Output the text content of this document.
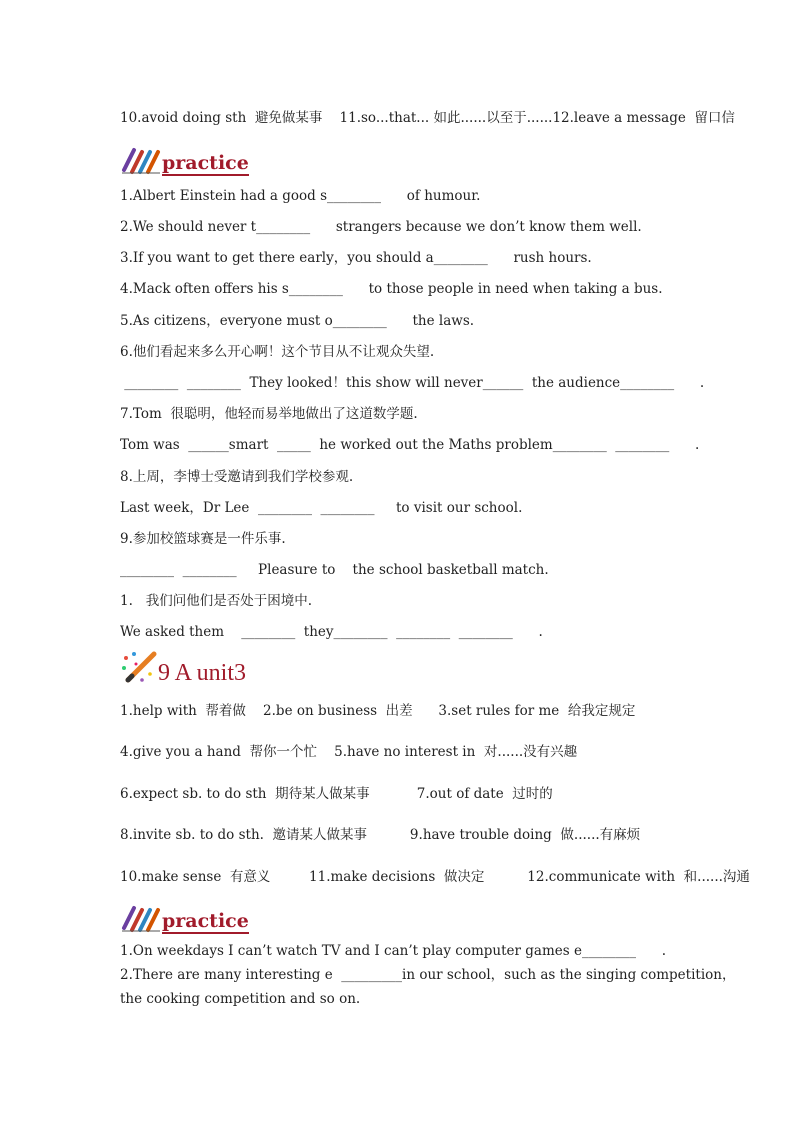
10.avoid doing sth  避免做某事    11.so...that... 如此......以至于......12.leave a message  留口信
practice
1.Albert Einstein had a good s________      of humour.
2.We should never t________      strangers because we don’t know them well.
3.If you want to get there early，you should a________      rush hours.
4.Mack often offers his s________      to those people in need when taking a bus.
5.As citizens，everyone must o________      the laws.
6.他们看起来多么开心啊！这个节目从不让观众失望.
________  ________  They looked！this show will never______  the audience________      .
7.Tom  很聪明，他轻而易举地做出了这道数学题.
Tom was  ______smart  _____  he worked out the Maths problem________  ________      .
8.上周，李博士受邀请到我们学校参观.
Last week，Dr Lee  ________  ________     to visit our school.
9.参加校篮球赛是一件乐事.
________  ________     Pleasure to    the school basketball match.
1.   我们问他们是否处于困境中.
We asked them    ________  they________  ________  ________      .
9 A unit3
1.help with  帮着做    2.be on business  出差      3.set rules for me  给我定规定
4.give you a hand  帮你一个忙    5.have no interest in  对......没有兴趣
6.expect sb. to do sth  期待某人做某事           7.out of date  过时的
8.invite sb. to do sth.  邀请某人做某事          9.have trouble doing  做......有麻烦
10.make sense  有意义         11.make decisions  做决定          12.communicate with  和......沟通
practice
1.On weekdays I can’t watch TV and I can’t play computer games e________      .
2.There are many interesting e  _________in our school，such as the singing competition，
the cooking competition and so on.
